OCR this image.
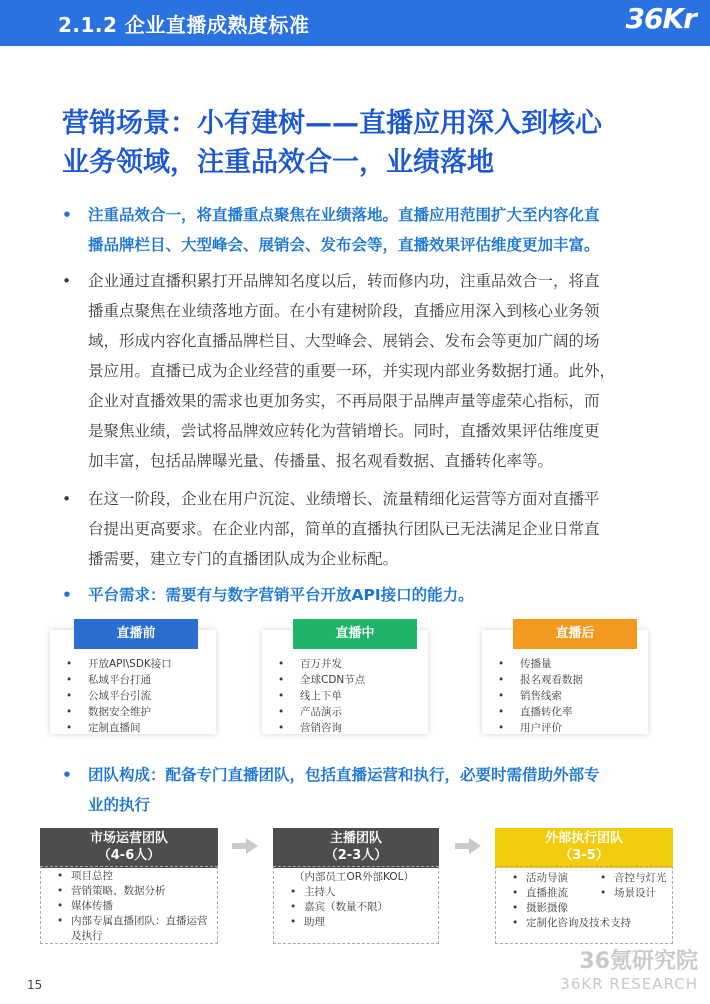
2.1.2 企业直播成熟度标准	36Kr
营销场景：小有建树——直播应用深入到核心
业务领域，注重品效合一，业绩落地
• 注重品效合一，将直播重点聚焦在业绩落地。直播应用范围扩大至内容化直
播品牌栏目、大型峰会、展销会、发布会等，直播效果评估维度更加丰富。
• 企业通过直播积累打开品牌知名度以后，转而修内功，注重品效合一，将直
播重点聚焦在业绩落地方面。在小有建树阶段，直播应用深入到核心业务领
域，形成内容化直播品牌栏目、大型峰会、展销会、发布会等更加广阔的场
景应用。直播已成为企业经营的重要一环，并实现内部业务数据打通。此外，
企业对直播效果的需求也更加务实，不再局限于品牌声量等虚荣心指标，而
是聚焦业绩，尝试将品牌效应转化为营销增长。同时，直播效果评估维度更
加丰富，包括品牌曝光量、传播量、报名观看数据、直播转化率等。
• 在这一阶段，企业在用户沉淀、业绩增长、流量精细化运营等方面对直播平
台提出更高要求。在企业内部，简单的直播执行团队已无法满足企业日常直
播需要，建立专门的直播团队成为企业标配。
• 平台需求：需要有与数字营销平台开放API接口的能力。
• 开放API\SDK接口
• 私域平台打通
• 公域平台引流
• 数据安全维护
• 定制直播间
直播前
• 百万并发
• 全球CDN节点
• 线上下单
• 产品演示
• 营销咨询
直播中
• 传播量
• 报名观看数据
• 销售线索
• 直播转化率
• 用户评价
直播后
• 团队构成：配备专门直播团队，包括直播运营和执行，必要时需借助外部专
业的执行
市场运营团队
（4-6人）
• 项目总控
• 营销策略、数据分析
• 媒体传播
• 内部专属直播团队：直播运营及执行
主播团队
（2-3人）
（内部员工OR外部KOL）
• 主持人
• 嘉宾（数量不限）
• 助理
外部执行团队
（3-5）
• 活动导演
• 直播推流
• 摄影摄像
• 定制化咨询及技术支持
• 音控与灯光
• 场景设计
15
36氪研究院
36KR RESEARCH
